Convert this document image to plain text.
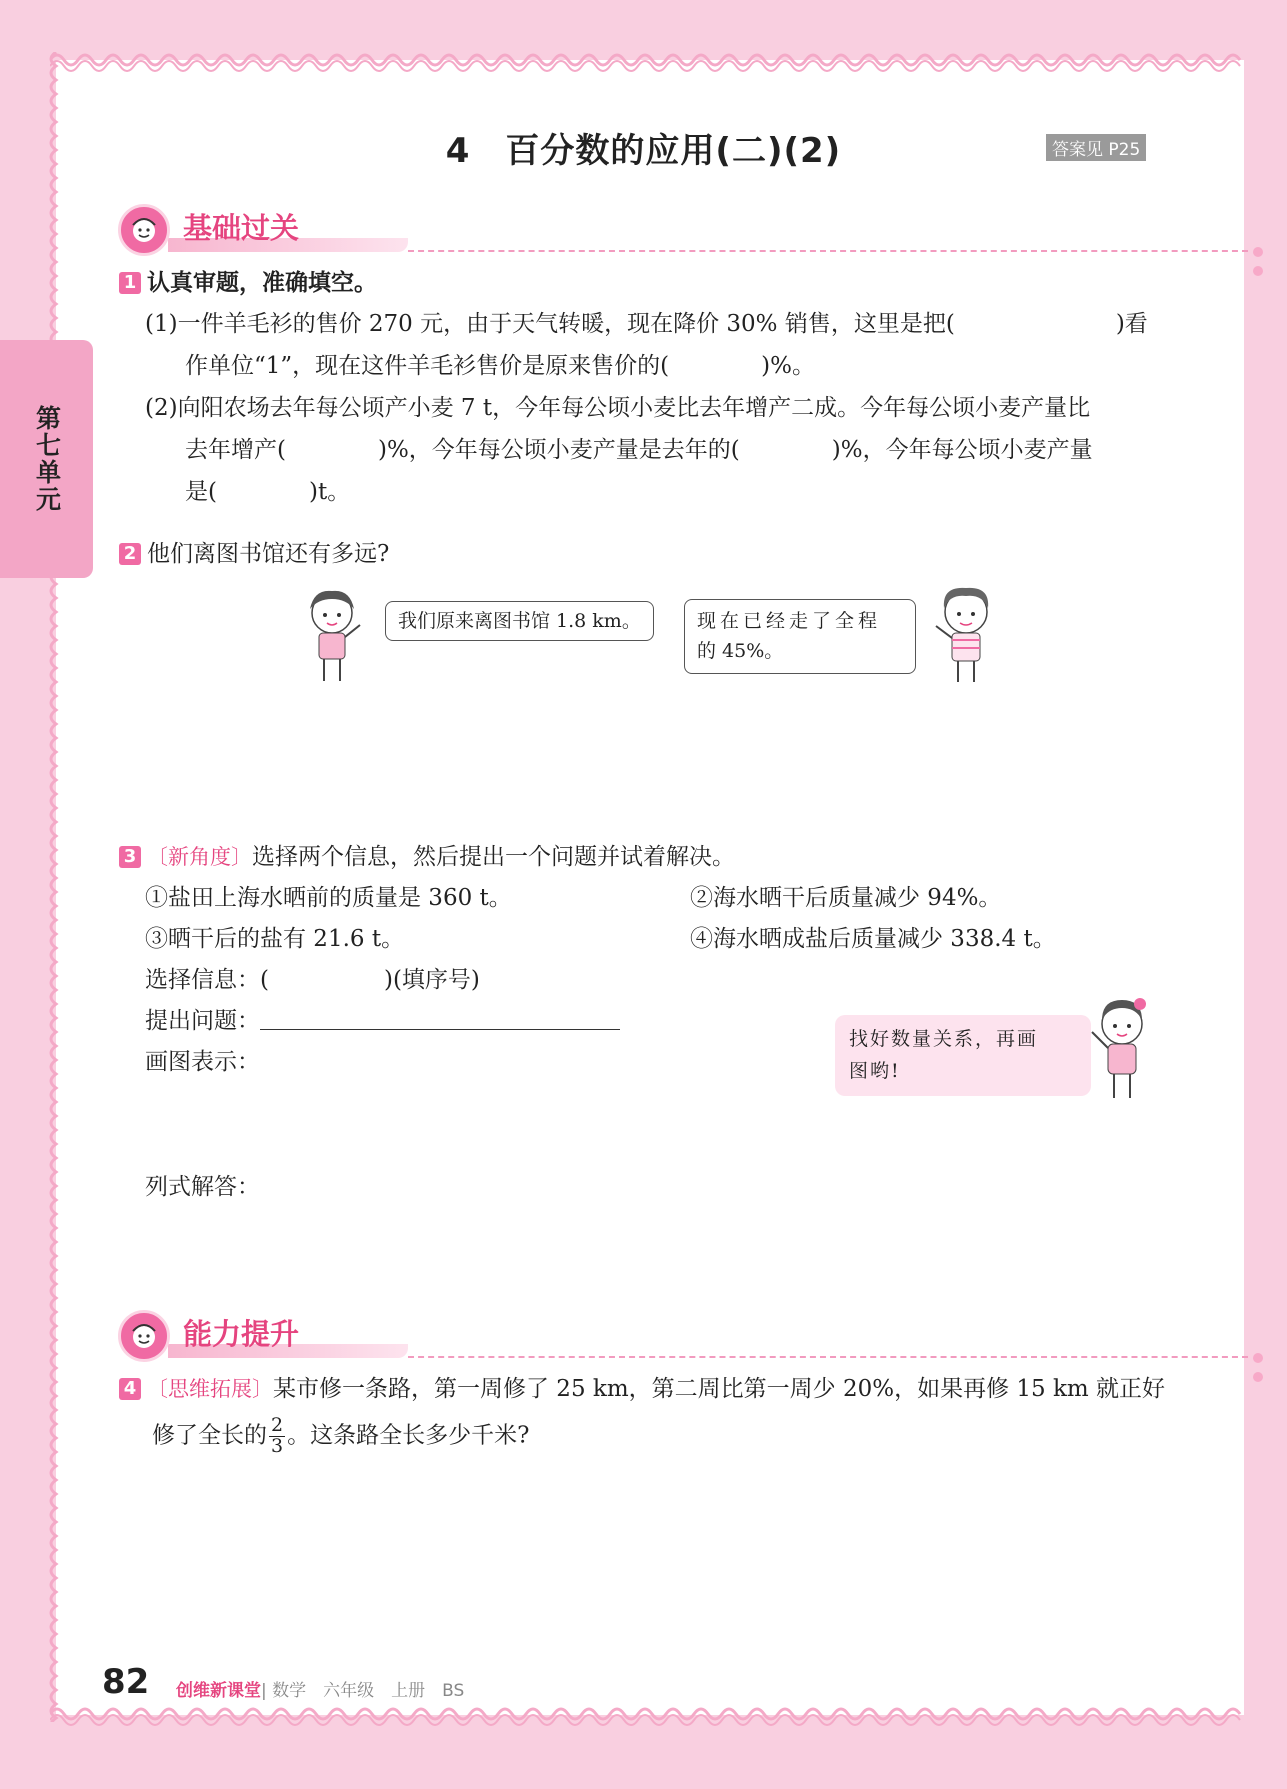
第七单元
4　百分数的应用(二)(2)	答案见 P25
基础过关
1 认真审题，准确填空。
(1)一件羊毛衫的售价 270 元，由于天气转暖，现在降价 30% 销售，这里是把(　　　　　　　)看
作单位“1”，现在这件羊毛衫售价是原来售价的(　　　　)%。
(2)向阳农场去年每公顷产小麦 7 t，今年每公顷小麦比去年增产二成。今年每公顷小麦产量比
去年增产(　　　　)%，今年每公顷小麦产量是去年的(　　　　)%，今年每公顷小麦产量
是(　　　　)t。
2 他们离图书馆还有多远?
我们原来离图书馆 1.8 km。	现在已经走了全程
的 45%。
3 〔新角度〕选择两个信息，然后提出一个问题并试着解决。
①盐田上海水晒前的质量是 360 t。	②海水晒干后质量减少 94%。
③晒干后的盐有 21.6 t。	④海水晒成盐后质量减少 338.4 t。
选择信息：(　　　　　)(填序号)
提出问题：
画图表示：
列式解答：
找好数量关系，再画
图哟!
能力提升
4 〔思维拓展〕某市修一条路，第一周修了 25 km，第二周比第一周少 20%，如果再修 15 km 就正好
修了全长的 $\frac{2}{3}$ 。这条路全长多少千米?
82 创维新课堂| 数学　六年级　上册　BS
